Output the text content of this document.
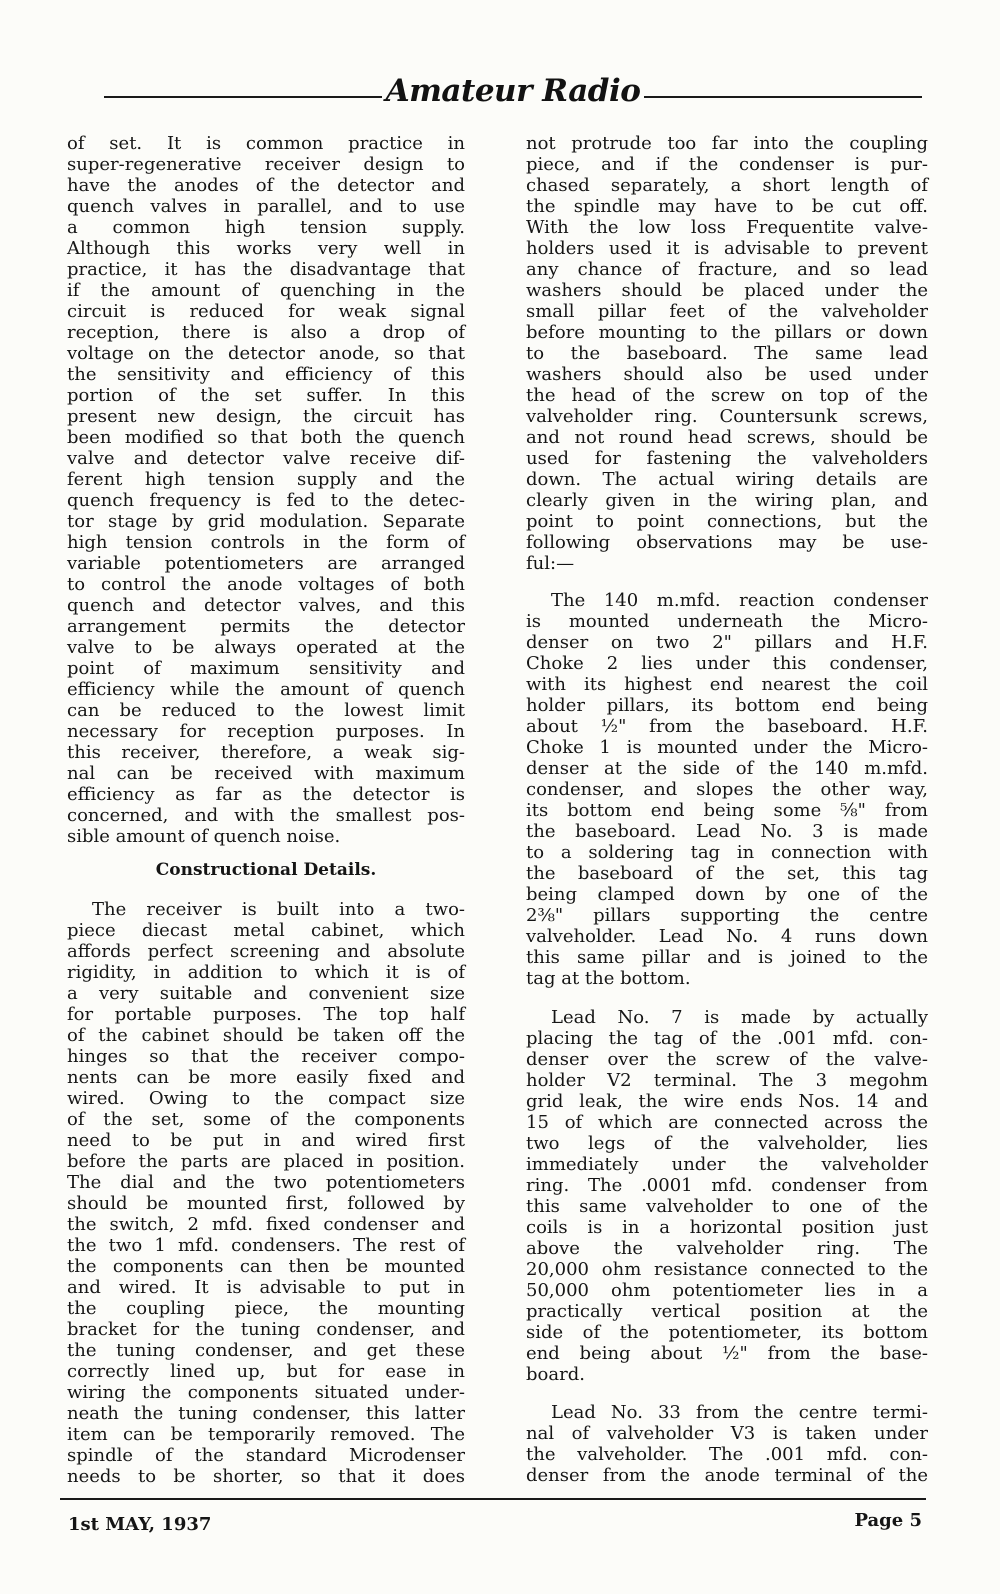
Amateur Radio
of set. It is common practice in
super-regenerative receiver design to
have the anodes of the detector and
quench valves in parallel, and to use
a common high tension supply.
Although this works very well in
practice, it has the disadvantage that
if the amount of quenching in the
circuit is reduced for weak signal
reception, there is also a drop of
voltage on the detector anode, so that
the sensitivity and efficiency of this
portion of the set suffer. In this
present new design, the circuit has
been modified so that both the quench
valve and detector valve receive dif-
ferent high tension supply and the
quench frequency is fed to the detec-
tor stage by grid modulation. Separate
high tension controls in the form of
variable potentiometers are arranged
to control the anode voltages of both
quench and detector valves, and this
arrangement permits the detector
valve to be always operated at the
point of maximum sensitivity and
efficiency while the amount of quench
can be reduced to the lowest limit
necessary for reception purposes. In
this receiver, therefore, a weak sig-
nal can be received with maximum
efficiency as far as the detector is
concerned, and with the smallest pos-
sible amount of quench noise.
Constructional Details.
The receiver is built into a two-
piece diecast metal cabinet, which
affords perfect screening and absolute
rigidity, in addition to which it is of
a very suitable and convenient size
for portable purposes. The top half
of the cabinet should be taken off the
hinges so that the receiver compo-
nents can be more easily fixed and
wired. Owing to the compact size
of the set, some of the components
need to be put in and wired first
before the parts are placed in position.
The dial and the two potentiometers
should be mounted first, followed by
the switch, 2 mfd. fixed condenser and
the two 1 mfd. condensers. The rest of
the components can then be mounted
and wired. It is advisable to put in
the coupling piece, the mounting
bracket for the tuning condenser, and
the tuning condenser, and get these
correctly lined up, but for ease in
wiring the components situated under-
neath the tuning condenser, this latter
item can be temporarily removed. The
spindle of the standard Microdenser
needs to be shorter, so that it does
not protrude too far into the coupling
piece, and if the condenser is pur-
chased separately, a short length of
the spindle may have to be cut off.
With the low loss Frequentite valve-
holders used it is advisable to prevent
any chance of fracture, and so lead
washers should be placed under the
small pillar feet of the valveholder
before mounting to the pillars or down
to the baseboard. The same lead
washers should also be used under
the head of the screw on top of the
valveholder ring. Countersunk screws,
and not round head screws, should be
used for fastening the valveholders
down. The actual wiring details are
clearly given in the wiring plan, and
point to point connections, but the
following observations may be use-
ful:—
The 140 m.mfd. reaction condenser
is mounted underneath the Micro-
denser on two 2" pillars and H.F.
Choke 2 lies under this condenser,
with its highest end nearest the coil
holder pillars, its bottom end being
about ½" from the baseboard. H.F.
Choke 1 is mounted under the Micro-
denser at the side of the 140 m.mfd.
condenser, and slopes the other way,
its bottom end being some ⅝" from
the baseboard. Lead No. 3 is made
to a soldering tag in connection with
the baseboard of the set, this tag
being clamped down by one of the
2⅜" pillars supporting the centre
valveholder. Lead No. 4 runs down
this same pillar and is joined to the
tag at the bottom.
Lead No. 7 is made by actually
placing the tag of the .001 mfd. con-
denser over the screw of the valve-
holder V2 terminal. The 3 megohm
grid leak, the wire ends Nos. 14 and
15 of which are connected across the
two legs of the valveholder, lies
immediately under the valveholder
ring. The .0001 mfd. condenser from
this same valveholder to one of the
coils is in a horizontal position just
above the valveholder ring. The
20,000 ohm resistance connected to the
50,000 ohm potentiometer lies in a
practically vertical position at the
side of the potentiometer, its bottom
end being about ½" from the base-
board.
Lead No. 33 from the centre termi-
nal of valveholder V3 is taken under
the valveholder. The .001 mfd. con-
denser from the anode terminal of the
1st MAY, 1937	Page 5
